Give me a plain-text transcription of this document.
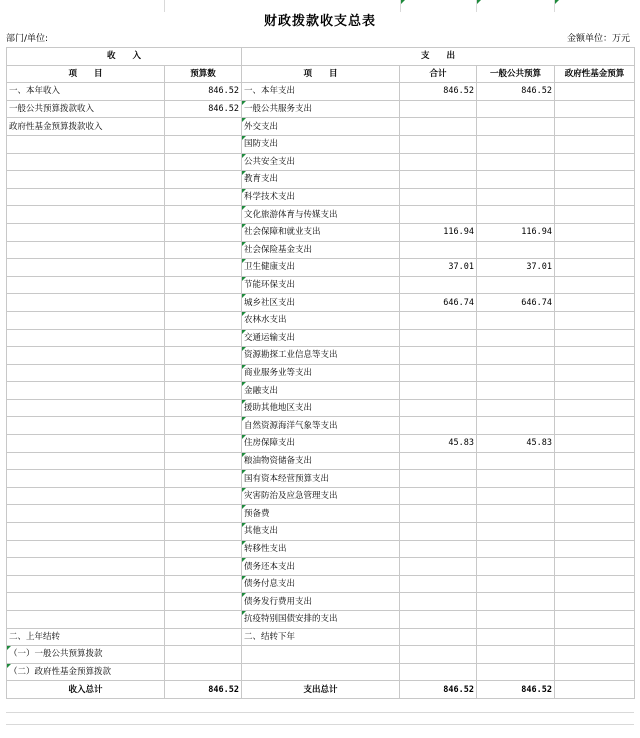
财政拨款收支总表
部门/单位:	金额单位：万元
收　　入		支　　出			
项　　目	预算数	项　　目	合计	一般公共预算	政府性基金预算
一、本年收入	846.52	一、本年支出	846.52	846.52	
一般公共预算拨款收入	846.52	一般公共服务支出			
政府性基金预算拨款收入		外交支出			
		国防支出			
		公共安全支出			
		教育支出			
		科学技术支出			
		文化旅游体育与传媒支出			
		社会保障和就业支出	116.94	116.94	
		社会保险基金支出			
		卫生健康支出	37.01	37.01	
		节能环保支出			
		城乡社区支出	646.74	646.74	
		农林水支出			
		交通运输支出			
		资源勘探工业信息等支出			
		商业服务业等支出			
		金融支出			
		援助其他地区支出			
		自然资源海洋气象等支出			
		住房保障支出	45.83	45.83	
		粮油物资储备支出			
		国有资本经营预算支出			
		灾害防治及应急管理支出			
		预备费			
		其他支出			
		转移性支出			
		债务还本支出			
		债务付息支出			
		债务发行费用支出			
		抗疫特别国债安排的支出			
二、上年结转		二、结转下年			
（一）一般公共预算拨款					
（二）政府性基金预算拨款					
收入总计	846.52	支出总计	846.52	846.52	
